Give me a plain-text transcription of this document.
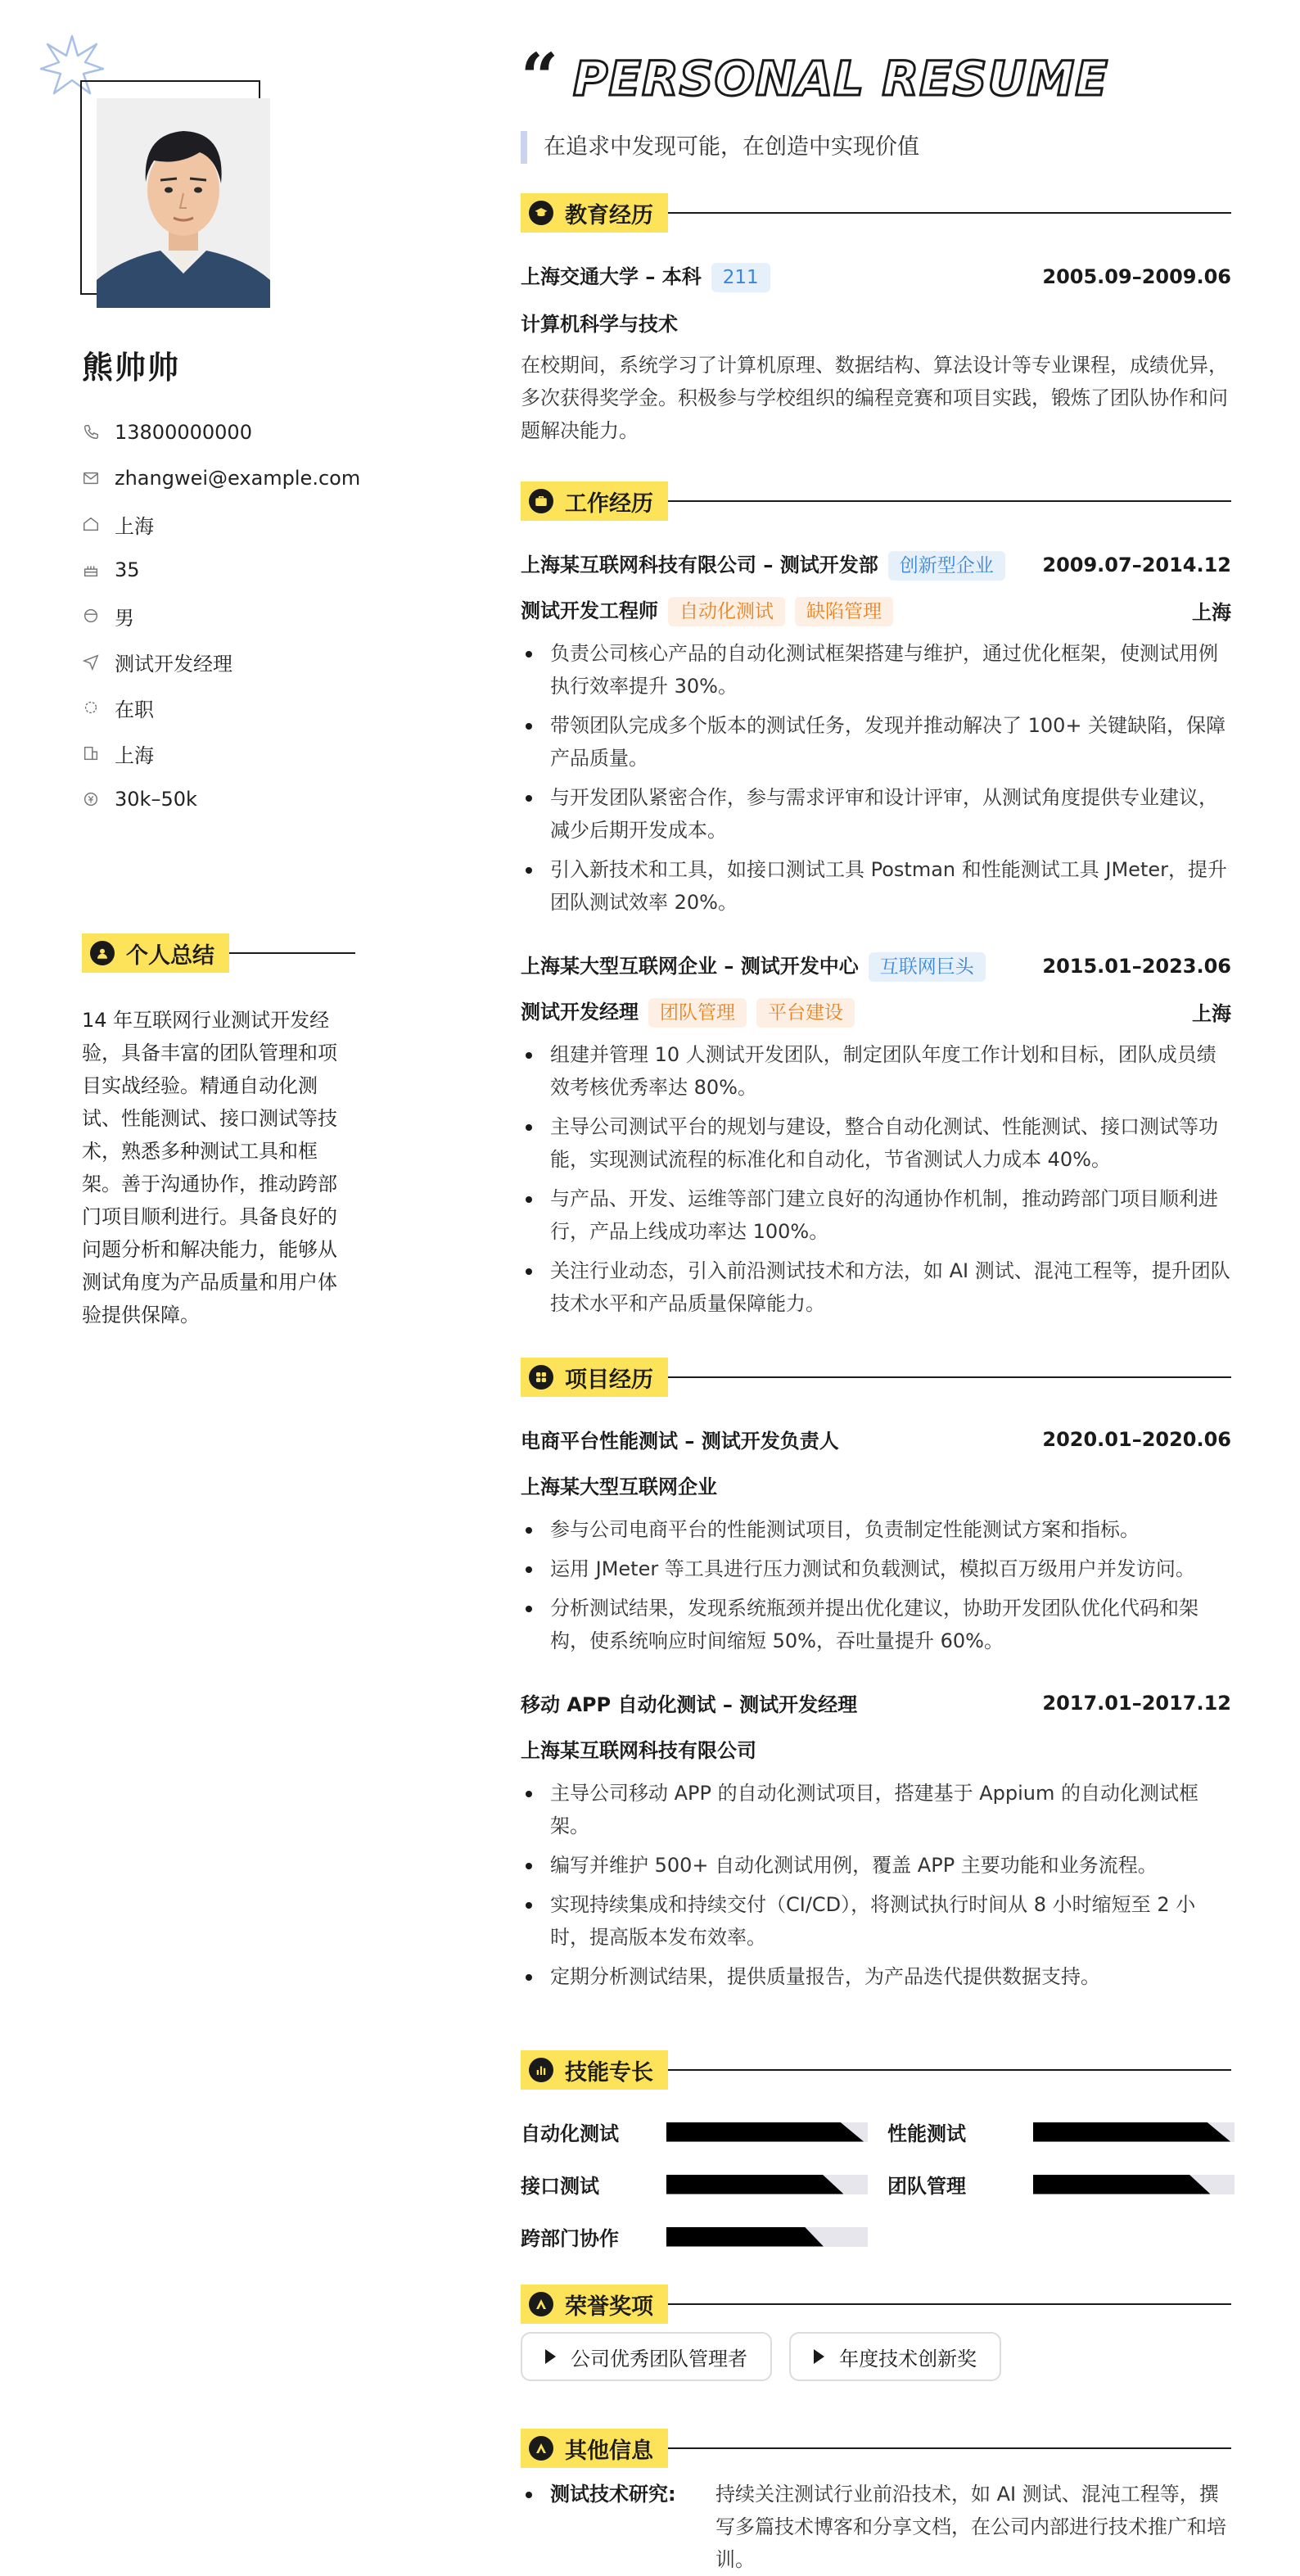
熊帅帅
13800000000
zhangwei@example.com
上海
35
男
测试开发经理
在职
上海
30k–50k
个人总结
14 年互联网行业测试开发经验，具备丰富的团队管理和项目实战经验。精通自动化测试、性能测试、接口测试等技术，熟悉多种测试工具和框架。善于沟通协作，推动跨部门项目顺利进行。具备良好的问题分析和解决能力，能够从测试角度为产品质量和用户体验提供保障。
“ PERSONAL RESUME
在追求中发现可能，在创造中实现价值
教育经历
上海交通大学 – 本科 211	2005.09–2009.06
计算机科学与技术
在校期间，系统学习了计算机原理、数据结构、算法设计等专业课程，成绩优异，多次获得奖学金。积极参与学校组织的编程竞赛和项目实践，锻炼了团队协作和问题解决能力。
工作经历
上海某互联网科技有限公司 – 测试开发部 创新型企业	2009.07–2014.12
测试开发工程师 自动化测试 缺陷管理	上海
负责公司核心产品的自动化测试框架搭建与维护，通过优化框架，使测试用例执行效率提升 30%。
带领团队完成多个版本的测试任务，发现并推动解决了 100+ 关键缺陷，保障产品质量。
与开发团队紧密合作，参与需求评审和设计评审，从测试角度提供专业建议，减少后期开发成本。
引入新技术和工具，如接口测试工具 Postman 和性能测试工具 JMeter，提升团队测试效率 20%。
上海某大型互联网企业 – 测试开发中心 互联网巨头	2015.01–2023.06
测试开发经理 团队管理 平台建设	上海
组建并管理 10 人测试开发团队，制定团队年度工作计划和目标，团队成员绩效考核优秀率达 80%。
主导公司测试平台的规划与建设，整合自动化测试、性能测试、接口测试等功能，实现测试流程的标准化和自动化，节省测试人力成本 40%。
与产品、开发、运维等部门建立良好的沟通协作机制，推动跨部门项目顺利进行，产品上线成功率达 100%。
关注行业动态，引入前沿测试技术和方法，如 AI 测试、混沌工程等，提升团队技术水平和产品质量保障能力。
项目经历
电商平台性能测试 – 测试开发负责人	2020.01–2020.06
上海某大型互联网企业
参与公司电商平台的性能测试项目，负责制定性能测试方案和指标。
运用 JMeter 等工具进行压力测试和负载测试，模拟百万级用户并发访问。
分析测试结果，发现系统瓶颈并提出优化建议，协助开发团队优化代码和架构，使系统响应时间缩短 50%，吞吐量提升 60%。
移动 APP 自动化测试 – 测试开发经理	2017.01–2017.12
上海某互联网科技有限公司
主导公司移动 APP 的自动化测试项目，搭建基于 Appium 的自动化测试框架。
编写并维护 500+ 自动化测试用例，覆盖 APP 主要功能和业务流程。
实现持续集成和持续交付（CI/CD），将测试执行时间从 8 小时缩短至 2 小时，提高版本发布效率。
定期分析测试结果，提供质量报告，为产品迭代提供数据支持。
技能专长
自动化测试	性能测试
接口测试	团队管理
跨部门协作
荣誉奖项
公司优秀团队管理者
	年度技术创新奖
其他信息
测试技术研究:	持续关注测试行业前沿技术，如 AI 测试、混沌工程等，撰写多篇技术博客和分享文档，在公司内部进行技术推广和培训。
